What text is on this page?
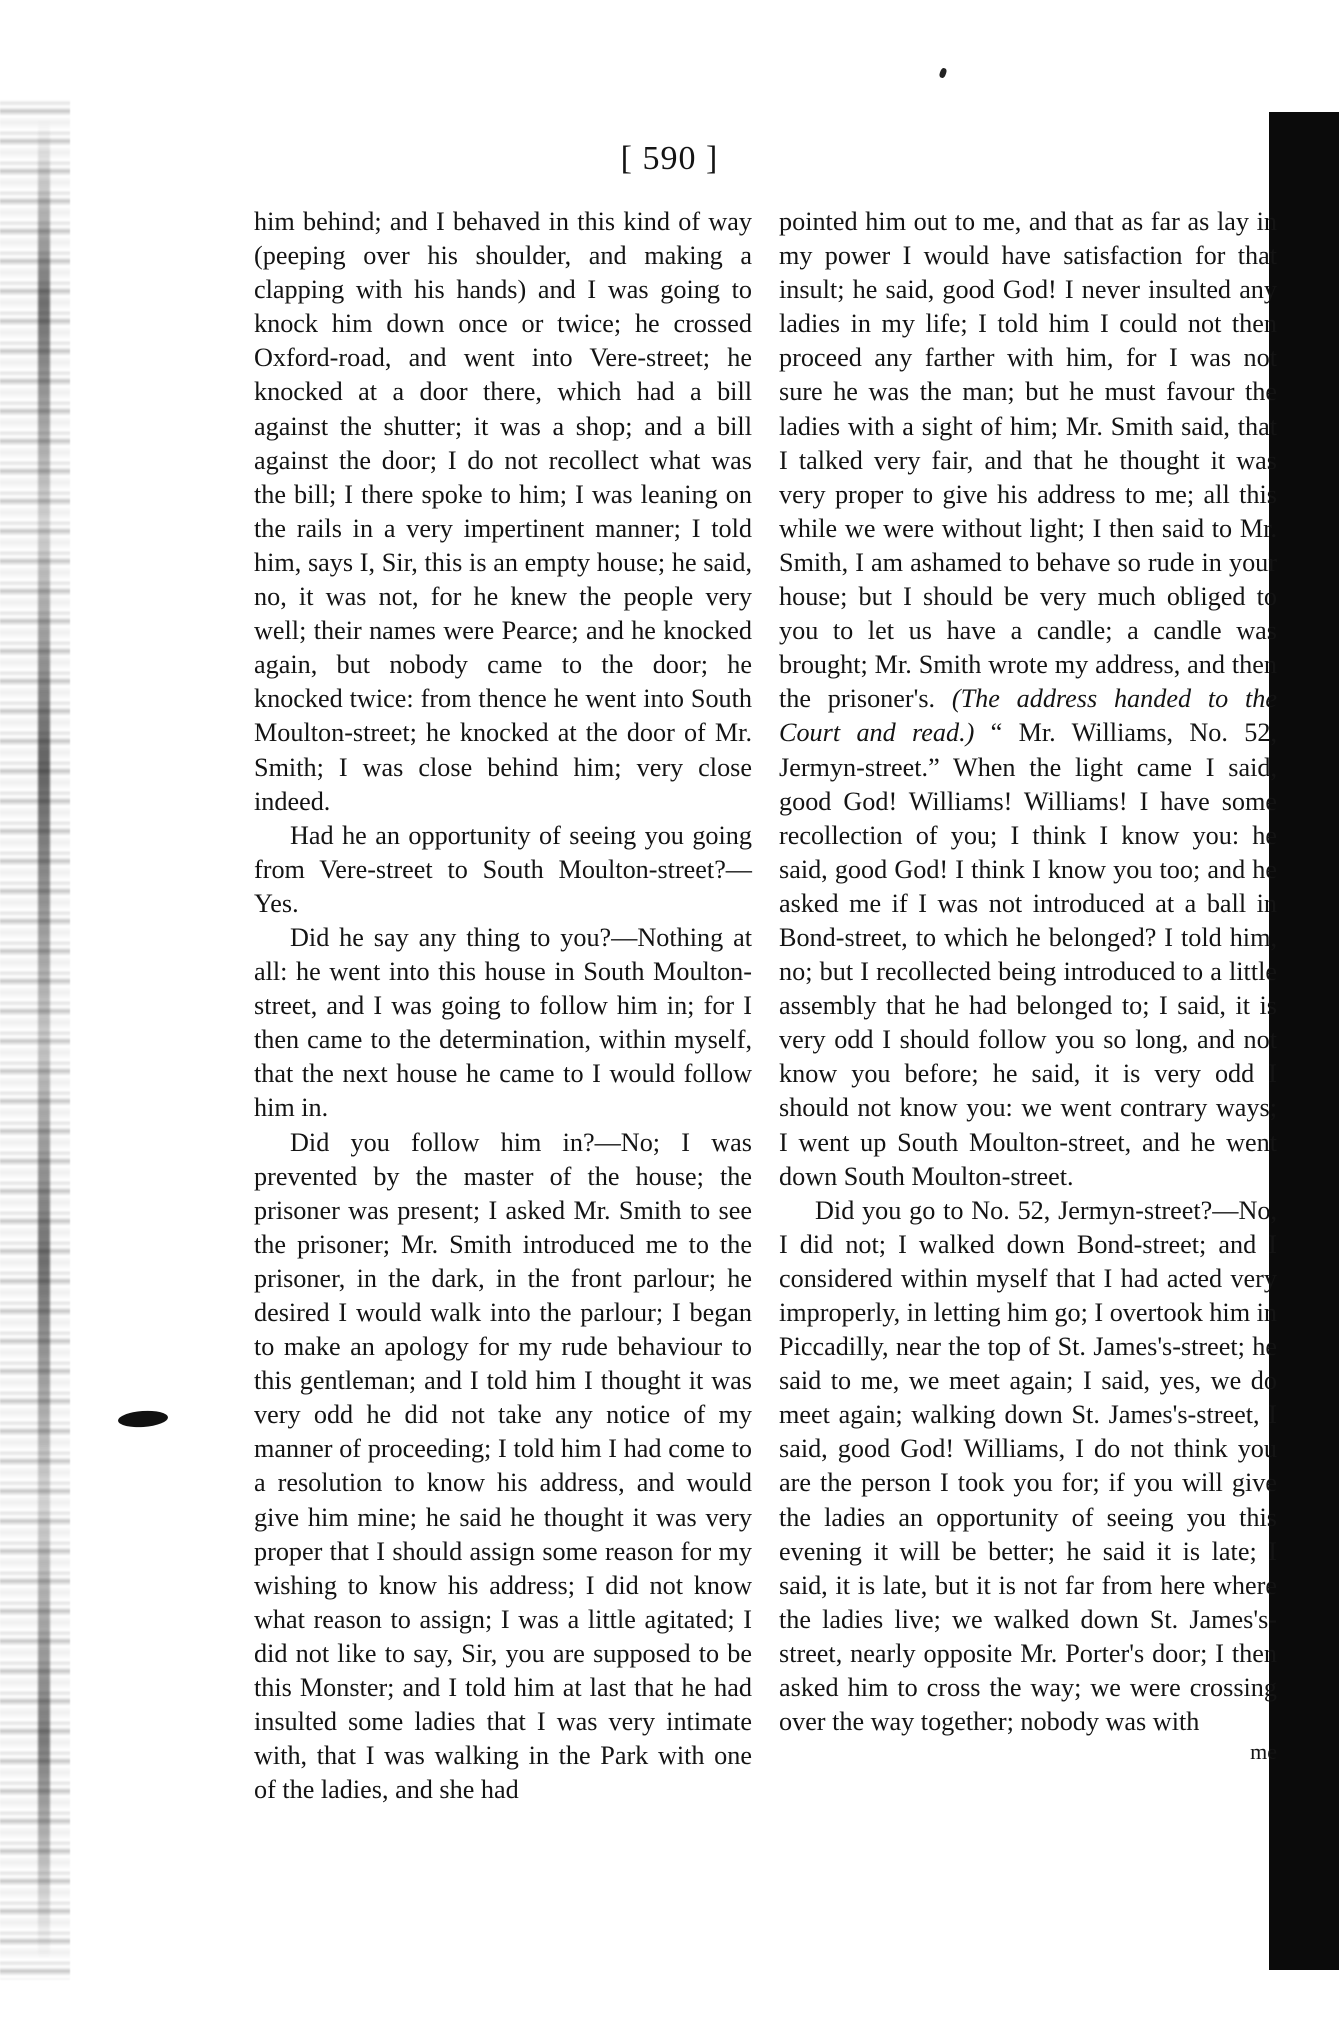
[ 590 ]

him behind; and I behaved in this kind of way (peeping over his shoulder, and making a clapping with his hands) and I was going to knock him down once or twice; he crossed Oxford-road, and went into Vere-street; he knocked at a door there, which had a bill against the shutter; it was a shop; and a bill against the door; I do not recollect what was the bill; I there spoke to him; I was leaning on the rails in a very impertinent manner; I told him, says I, Sir, this is an empty house; he said, no, it was not, for he knew the people very well; their names were Pearce; and he knocked again, but nobody came to the door; he knocked twice: from thence he went into South Moulton-street; he knocked at the door of Mr. Smith; I was close behind him; very close indeed.

Had he an opportunity of seeing you going from Vere-street to South Moulton-street?—Yes.

Did he say any thing to you?—Nothing at all: he went into this house in South Moulton-street, and I was going to follow him in; for I then came to the determination, within myself, that the next house he came to I would follow him in.

Did you follow him in?—No; I was prevented by the master of the house; the prisoner was present; I asked Mr. Smith to see the prisoner; Mr. Smith introduced me to the prisoner, in the dark, in the front parlour; he desired I would walk into the parlour; I began to make an apology for my rude behaviour to this gentleman; and I told him I thought it was very odd he did not take any notice of my manner of proceeding; I told him I had come to a resolution to know his address, and would give him mine; he said he thought it was very proper that I should assign some reason for my wishing to know his address; I did not know what reason to assign; I was a little agitated; I did not like to say, Sir, you are supposed to be this Monster; and I told him at last that he had insulted some ladies that I was very intimate with, that I was walking in the Park with one of the ladies, and she had

pointed him out to me, and that as far as lay in my power I would have satisfaction for that insult; he said, good God! I never insulted any ladies in my life; I told him I could not then proceed any farther with him, for I was not sure he was the man; but he must favour the ladies with a sight of him; Mr. Smith said, that I talked very fair, and that he thought it was very proper to give his address to me; all this while we were without light; I then said to Mr. Smith, I am ashamed to behave so rude in your house; but I should be very much obliged to you to let us have a candle; a candle was brought; Mr. Smith wrote my address, and then the prisoner's. (The address handed to the Court and read.) “ Mr. Williams, No. 52, Jermyn-street.” When the light came I said, good God! Williams! Williams! I have some recollection of you; I think I know you: he said, good God! I think I know you too; and he asked me if I was not introduced at a ball in Bond-street, to which he belonged? I told him, no; but I recollected being introduced to a little assembly that he had belonged to; I said, it is very odd I should follow you so long, and not know you before; he said, it is very odd I should not know you: we went contrary ways; I went up South Moulton-street, and he went down South Moulton-street.

Did you go to No. 52, Jermyn-street?—No, I did not; I walked down Bond-street; and I considered within myself that I had acted very improperly, in letting him go; I overtook him in Piccadilly, near the top of St. James's-street; he said to me, we meet again; I said, yes, we do meet again; walking down St. James's-street, I said, good God! Williams, I do not think you are the person I took you for; if you will give the ladies an opportunity of seeing you this evening it will be better; he said it is late; I said, it is late, but it is not far from here where the ladies live; we walked down St. James's-street, nearly opposite Mr. Porter's door; I then asked him to cross the way; we were crossing over the way together; nobody was with

me
